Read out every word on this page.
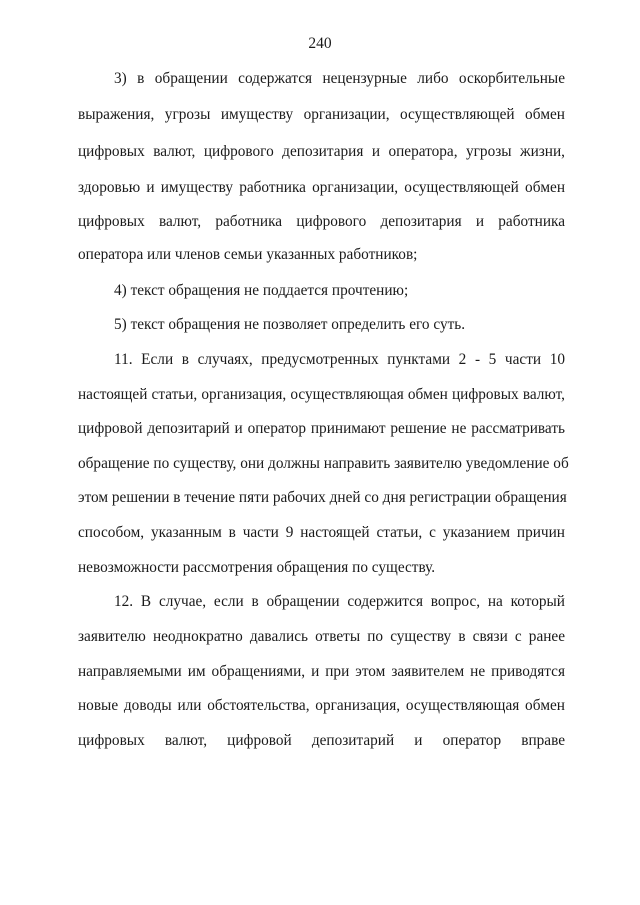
240
3) в обращении содержатся нецензурные либо оскорбительные
выражения, угрозы имуществу организации, осуществляющей обмен
цифровых валют, цифрового депозитария и оператора, угрозы жизни,
здоровью и имуществу работника организации, осуществляющей обмен
цифровых валют, работника цифрового депозитария и работника
оператора или членов семьи указанных работников;
4) текст обращения не поддается прочтению;
5) текст обращения не позволяет определить его суть.
11. Если в случаях, предусмотренных пунктами 2 - 5 части 10
настоящей статьи, организация, осуществляющая обмен цифровых валют,
цифровой депозитарий и оператор принимают решение не рассматривать
обращение по существу, они должны направить заявителю уведомление об
этом решении в течение пяти рабочих дней со дня регистрации обращения
способом, указанным в части 9 настоящей статьи, с указанием причин
невозможности рассмотрения обращения по существу.
12. В случае, если в обращении содержится вопрос, на который
заявителю неоднократно давались ответы по существу в связи с ранее
направляемыми им обращениями, и при этом заявителем не приводятся
новые доводы или обстоятельства, организация, осуществляющая обмен
цифровых валют, цифровой депозитарий и оператор вправе
